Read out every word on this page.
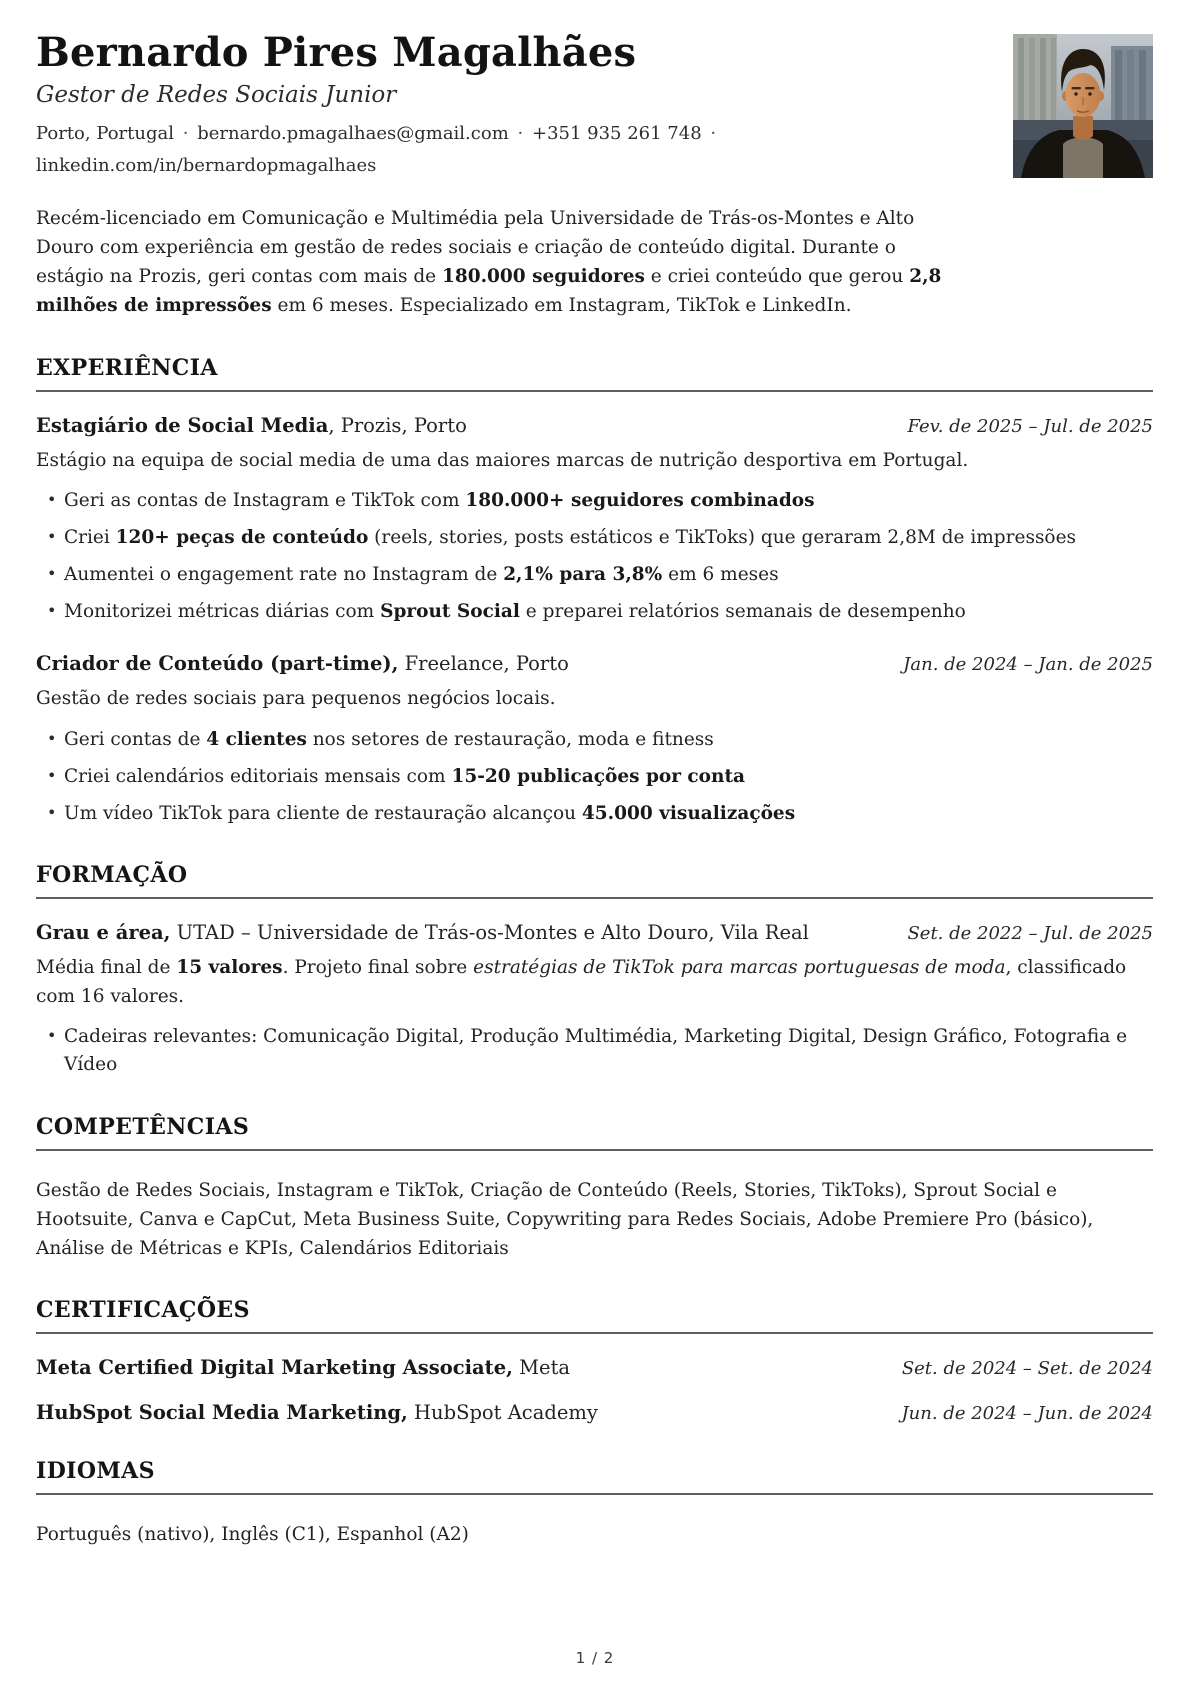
Bernardo Pires Magalhães
Gestor de Redes Sociais Junior
Porto, Portugal · bernardo.pmagalhaes@gmail.com · +351 935 261 748 · linkedin.com/in/bernardopmagalhaes

Recém-licenciado em Comunicação e Multimédia pela Universidade de Trás-os-Montes e Alto Douro com experiência em gestão de redes sociais e criação de conteúdo digital. Durante o estágio na Prozis, geri contas com mais de 180.000 seguidores e criei conteúdo que gerou 2,8 milhões de impressões em 6 meses. Especializado em Instagram, TikTok e LinkedIn.

EXPERIÊNCIA
Estagiário de Social Media, Prozis, Porto	Fev. de 2025 – Jul. de 2025

Estágio na equipa de social media de uma das maiores marcas de nutrição desportiva em Portugal.

• Geri as contas de Instagram e TikTok com 180.000+ seguidores combinados
• Criei 120+ peças de conteúdo (reels, stories, posts estáticos e TikToks) que geraram 2,8M de impressões
• Aumentei o engagement rate no Instagram de 2,1% para 3,8% em 6 meses
• Monitorizei métricas diárias com Sprout Social e preparei relatórios semanais de desempenho
Criador de Conteúdo (part-time), Freelance, Porto	Jan. de 2024 – Jan. de 2025

Gestão de redes sociais para pequenos negócios locais.

• Geri contas de 4 clientes nos setores de restauração, moda e fitness
• Criei calendários editoriais mensais com 15-20 publicações por conta
• Um vídeo TikTok para cliente de restauração alcançou 45.000 visualizações
FORMAÇÃO
Grau e área, UTAD – Universidade de Trás-os-Montes e Alto Douro, Vila Real	Set. de 2022 – Jul. de 2025

Média final de 15 valores. Projeto final sobre estratégias de TikTok para marcas portuguesas de moda, classificado com 16 valores.

• Cadeiras relevantes: Comunicação Digital, Produção Multimédia, Marketing Digital, Design Gráfico, Fotografia e Vídeo
COMPETÊNCIAS

Gestão de Redes Sociais, Instagram e TikTok, Criação de Conteúdo (Reels, Stories, TikToks), Sprout Social e Hootsuite, Canva e CapCut, Meta Business Suite, Copywriting para Redes Sociais, Adobe Premiere Pro (básico), Análise de Métricas e KPIs, Calendários Editoriais

CERTIFICAÇÕES
Meta Certified Digital Marketing Associate, Meta	Set. de 2024 – Set. de 2024
HubSpot Social Media Marketing, HubSpot Academy	Jun. de 2024 – Jun. de 2024
IDIOMAS

Português (nativo), Inglês (C1), Espanhol (A2)

1 / 2
